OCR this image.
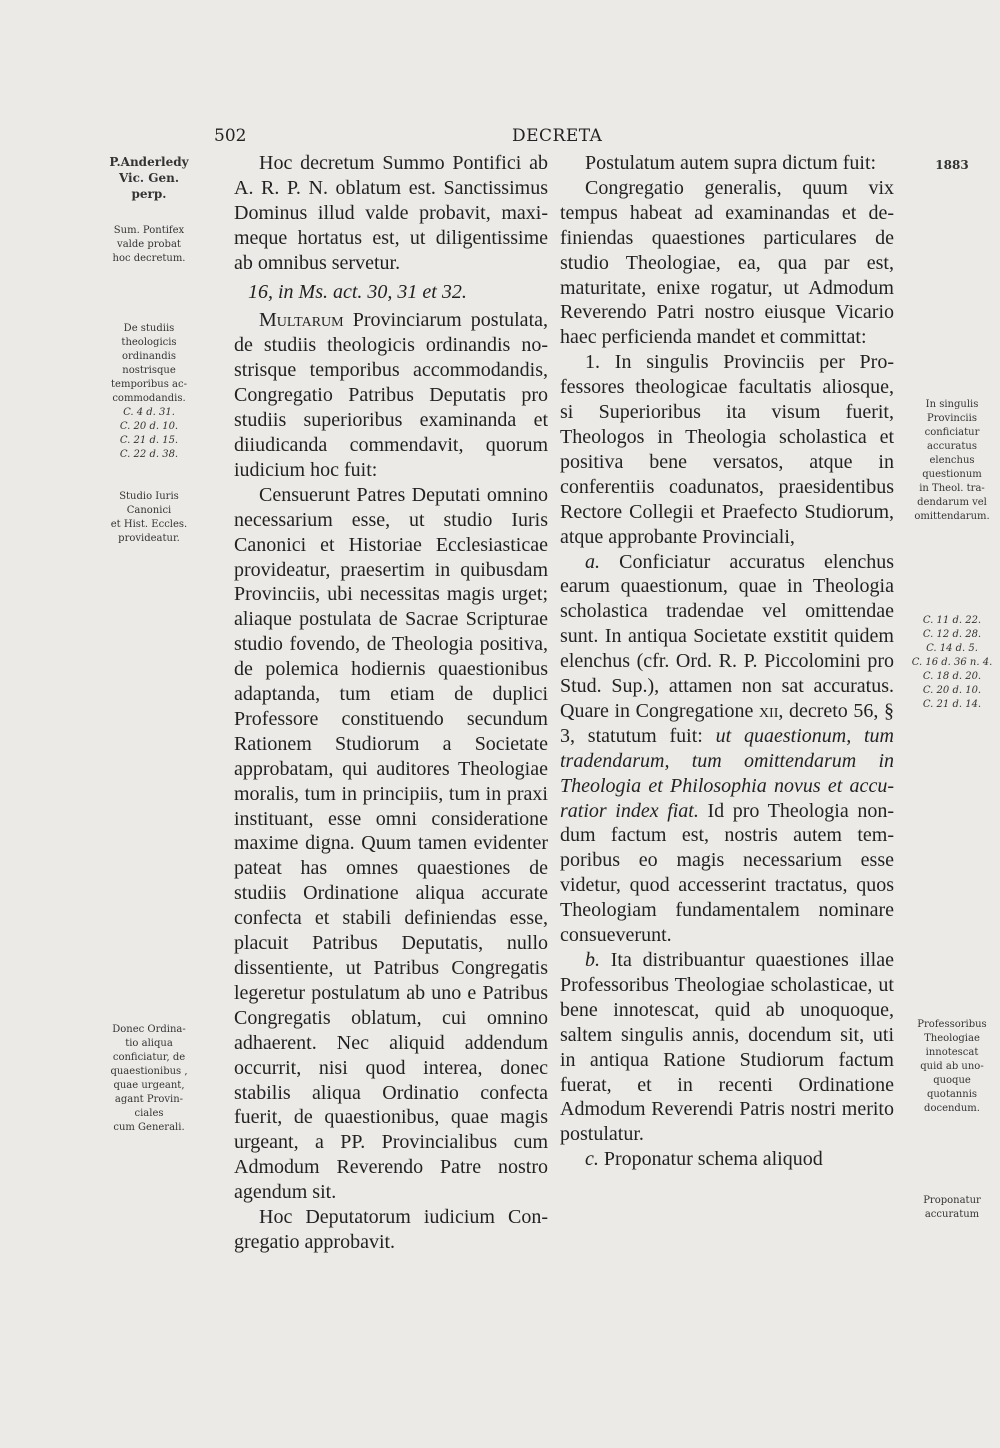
502	DECRETA
P.Anderledy
Vic. Gen.
perp.
Sum. Pontifex
valde probat
hoc decretum.
De studiis
theologicis
ordinandis
nostrisque
temporibus ac-
commodandis.
C. 4 d. 31.
C. 20 d. 10.
C. 21 d. 15.
C. 22 d. 38.
Studio Iuris
Canonici
et Hist. Eccles.
provideatur.
Donec Ordina-
tio aliqua
conficiatur, de
quaestionibus ,
quae urgeant,
agant Provin-
ciales
cum Generali.

Hoc decretum Summo Pontifici ab A. R. P. N. oblatum est. Sanctissimus Dominus illud valde probavit, maximeque hortatus est, ut diligentissime ab omnibus servetur.

16, in Ms. act. 30, 31 et 32.

Multarum Provinciarum postulata, de studiis theologicis ordinandis nostrisque temporibus accommodandis, Congregatio Patribus Deputatis pro studiis superioribus examinanda et diiudicanda commendavit, quorum iudicium hoc fuit:

Censuerunt Patres Deputati omnino necessarium esse, ut studio Iuris Canonici et Historiae Ecclesiasticae provideatur, praesertim in quibusdam Provinciis, ubi necessitas magis urget; aliaque postulata de Sacrae Scripturae studio fovendo, de Theologia positiva, de polemica hodiernis quaestionibus adaptanda, tum etiam de duplici Professore constituendo secundum Rationem Studiorum a Societate approbatam, qui auditores Theologiae moralis, tum in principiis, tum in praxi instituant, esse omni consideratione maxime digna. Quum tamen evidenter pateat has omnes quaestiones de studiis Ordinatione aliqua accurate confecta et stabili definiendas esse, placuit Patribus Deputatis, nullo dissentiente, ut Patribus Congregatis legeretur postulatum ab uno e Patribus Congregatis oblatum, cui omnino adhaerent. Nec aliquid addendum occurrit, nisi quod interea, donec stabilis aliqua Ordinatio confecta fuerit, de quaestionibus, quae magis urgeant, a PP. Provincialibus cum Admodum Reverendo Patre nostro agendum sit.

Hoc Deputatorum iudicium Congregatio approbavit.

Postulatum autem supra dictum fuit:

Congregatio generalis, quum vix tempus habeat ad examinandas et definiendas quaestiones particulares de studio Theologiae, ea, qua par est, maturitate, enixe rogatur, ut Admodum Reverendo Patri nostro eiusque Vicario haec perficienda mandet et committat:

1. In singulis Provinciis per Professores theologicae facultatis aliosque, si Superioribus ita visum fuerit, Theologos in Theologia scholastica et positiva bene versatos, atque in conferentiis coadunatos, praesidentibus Rectore Collegii et Praefecto Studiorum, atque approbante Provinciali,

a. Conficiatur accuratus elenchus earum quaestionum, quae in Theologia scholastica tradendae vel omittendae sunt. In antiqua Societate exstitit quidem elenchus (cfr. Ord. R. P. Piccolomini pro Stud. Sup.), attamen non sat accuratus. Quare in Congregatione xii, decreto 56, § 3, statutum fuit: ut quaestionum, tum tradendarum, tum omittendarum in Theologia et Philosophia novus et accuratior index fiat. Id pro Theologia nondum factum est, nostris autem temporibus eo magis necessarium esse videtur, quod accesserint tractatus, quos Theologiam fundamentalem nominare consueverunt.

b. Ita distribuantur quaestiones illae Professoribus Theologiae scholasticae, ut bene innotescat, quid ab unoquoque, saltem singulis annis, docendum sit, uti in antiqua Ratione Studiorum factum fuerat, et in recenti Ordinatione Admodum Reverendi Patris nostri merito postulatur.

c. Proponatur schema aliquod

1883
In singulis
Provinciis
conficiatur
accuratus
elenchus
questionum
in Theol. tra-
dendarum vel
omittendarum.
C. 11 d. 22.
C. 12 d. 28.
C. 14 d. 5.
C. 16 d. 36 n. 4.
C. 18 d. 20.
C. 20 d. 10.
C. 21 d. 14.
Professoribus
Theologiae
innotescat
quid ab uno-
quoque
quotannis
docendum.
Proponatur
accuratum
